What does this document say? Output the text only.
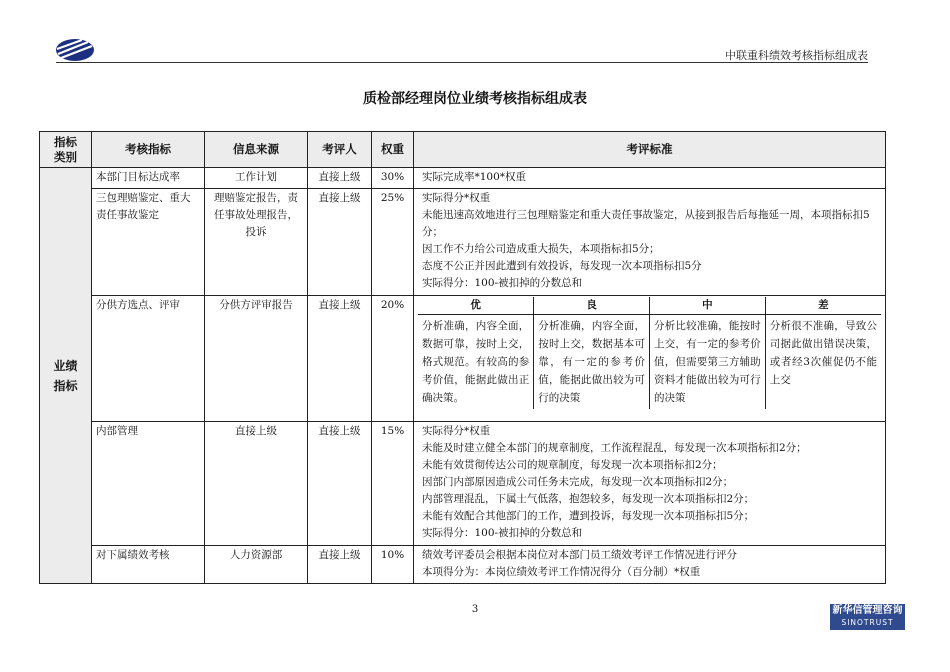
中联重科绩效考核指标组成表
质检部经理岗位业绩考核指标组成表
指标类别	考核指标	信息来源	考评人	权重	考评标准
业绩指标	本部门目标达成率	工作计划	直接上级	30%	实际完成率*100*权重

三包理赔鉴定、重大责任事故鉴定	理赔鉴定报告，责任事故处理报告，投诉	直接上级	25%	实际得分*权重
未能迅速高效地进行三包理赔鉴定和重大责任事故鉴定，从接到报告后每拖延一周，本项指标扣5分；
因工作不力给公司造成重大损失，本项指标扣5分；
态度不公正并因此遭到有效投诉，每发现一次本项指标扣5分
实际得分：100-被扣掉的分数总和

分供方选点、评审	分供方评审报告	直接上级	20%		优	良	中	差
分析准确，内容全面，数据可靠，按时上交，格式规范。有较高的参考价值，能据此做出正确决策。	分析准确，内容全面，按时上交，数据基本可靠，有一定的参考价值，能据此做出较为可行的决策	分析比较准确，能按时上交，有一定的参考价值，但需要第三方辅助资料才能做出较为可行的决策	分析很不准确，导致公司据此做出错误决策，或者经3次催促仍不能上交

内部管理	直接上级	直接上级	15%	实际得分*权重
未能及时建立健全本部门的规章制度，工作流程混乱，每发现一次本项指标扣2分；
未能有效贯彻传达公司的规章制度，每发现一次本项指标扣2分；
因部门内部原因造成公司任务未完成，每发现一次本项指标扣2分；
内部管理混乱，下属士气低落，抱怨较多，每发现一次本项指标扣2分；
未能有效配合其他部门的工作，遭到投诉，每发现一次本项指标扣5分；
实际得分：100-被扣掉的分数总和

对下属绩效考核	人力资源部	直接上级	10%	绩效考评委员会根据本岗位对本部门员工绩效考评工作情况进行评分
本项得分为：本岗位绩效考评工作情况得分（百分制）*权重
3	新华信管理咨询
SINOTRUST
